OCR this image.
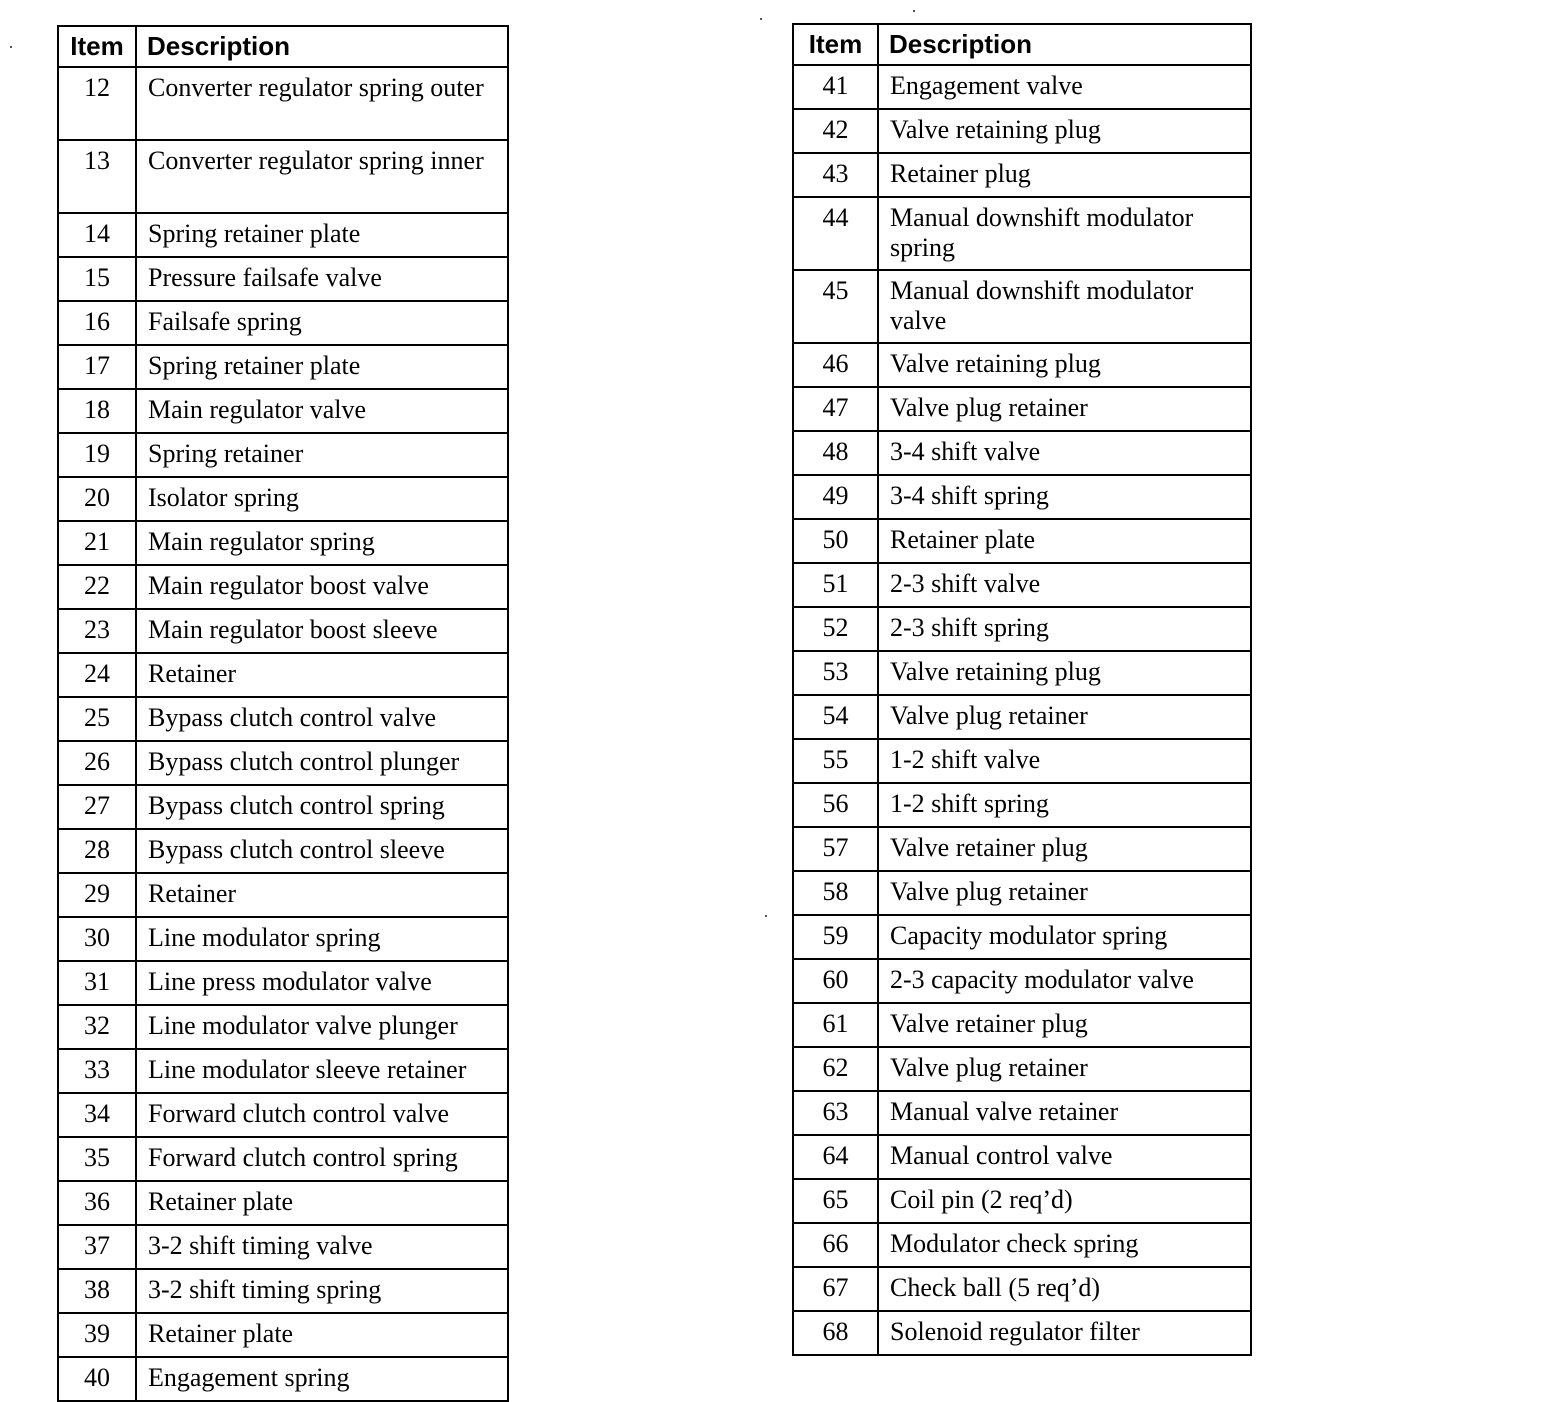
Item	Description
12	Converter regulator spring outer
13	Converter regulator spring inner
14	Spring retainer plate
15	Pressure failsafe valve
16	Failsafe spring
17	Spring retainer plate
18	Main regulator valve
19	Spring retainer
20	Isolator spring
21	Main regulator spring
22	Main regulator boost valve
23	Main regulator boost sleeve
24	Retainer
25	Bypass clutch control valve
26	Bypass clutch control plunger
27	Bypass clutch control spring
28	Bypass clutch control sleeve
29	Retainer
30	Line modulator spring
31	Line press modulator valve
32	Line modulator valve plunger
33	Line modulator sleeve retainer
34	Forward clutch control valve
35	Forward clutch control spring
36	Retainer plate
37	3-2 shift timing valve
38	3-2 shift timing spring
39	Retainer plate
40	Engagement spring
Item	Description
41	Engagement valve
42	Valve retaining plug
43	Retainer plug
44	Manual downshift modulator spring
45	Manual downshift modulator valve
46	Valve retaining plug
47	Valve plug retainer
48	3-4 shift valve
49	3-4 shift spring
50	Retainer plate
51	2-3 shift valve
52	2-3 shift spring
53	Valve retaining plug
54	Valve plug retainer
55	1-2 shift valve
56	1-2 shift spring
57	Valve retainer plug
58	Valve plug retainer
59	Capacity modulator spring
60	2-3 capacity modulator valve
61	Valve retainer plug
62	Valve plug retainer
63	Manual valve retainer
64	Manual control valve
65	Coil pin (2 req’d)
66	Modulator check spring
67	Check ball (5 req’d)
68	Solenoid regulator filter
